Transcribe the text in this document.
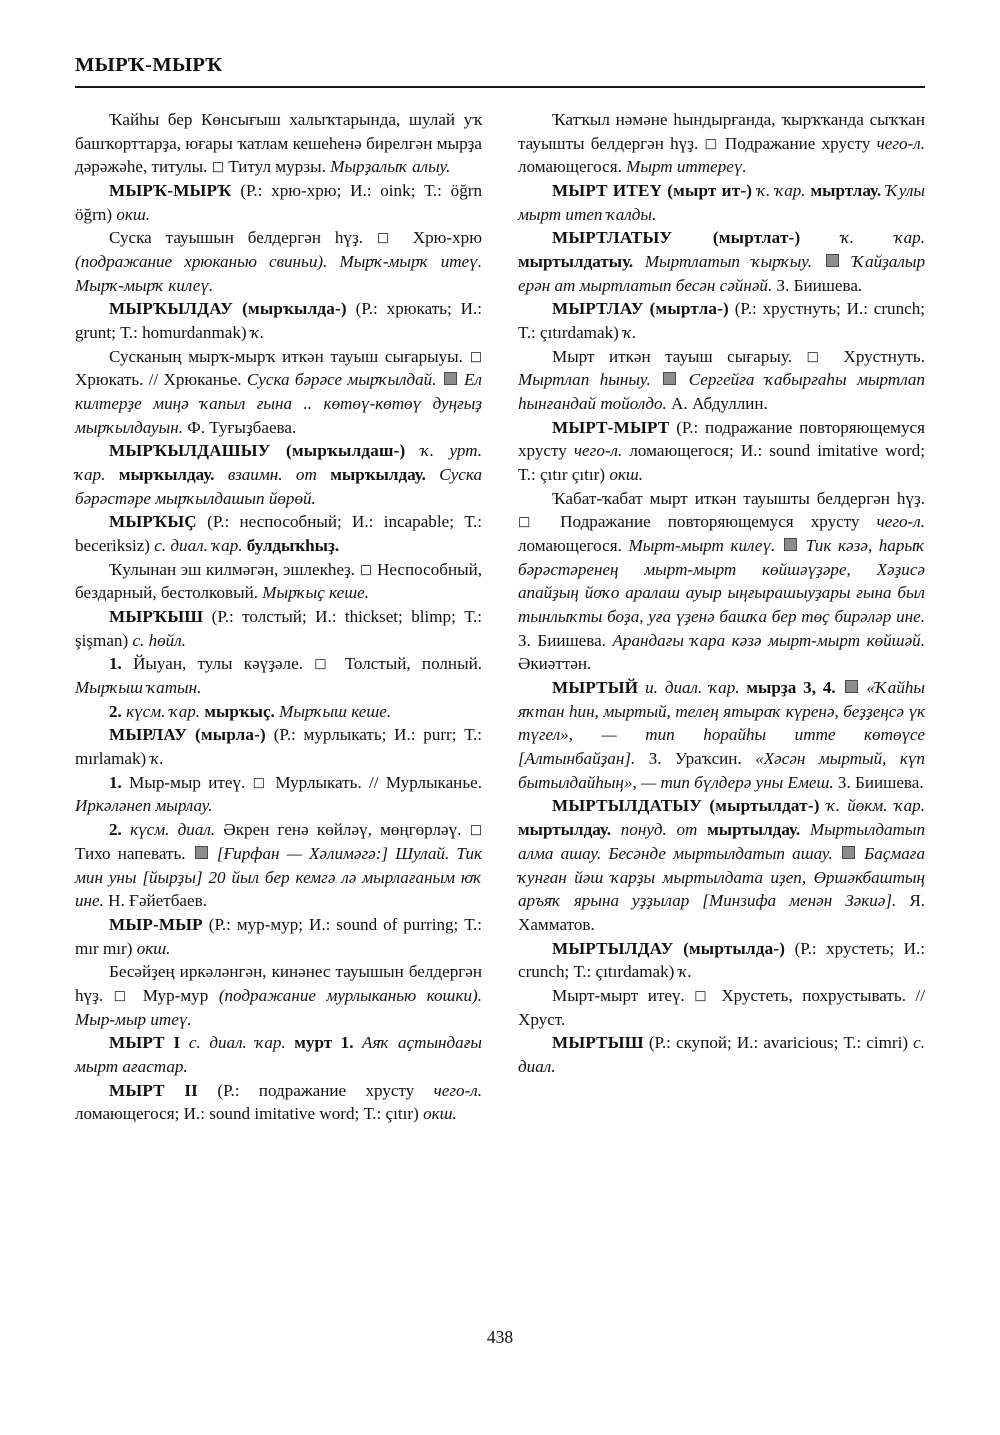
МЫРҠ-МЫРҠ

Ҡайһы бер Көнсығыш халыҡтарында, шулай уҡ башҡорттарҙа, юғары ҡатлам кешеһенә бирелгән мырҙа дәрәжәһе, титулы. □ Титул мурзы. Мырҙалыҡ алыу.

МЫРҠ-МЫРҠ (Р.: хрю-хрю; И.: oink; Т.: öğrn öğrn) окш.

Суска тауышын белдергән һүҙ. □ Хрю-хрю (подражание хрюканью свиньи). Мырҡ-мырҡ итеү. Мырҡ-мырҡ килеү.

МЫРҠЫЛДАУ (мырҡылда-) (Р.: хрюкать; И.: grunt; Т.: homurdanmak) ҡ.

Сусканың мырҡ-мырҡ иткән тауыш сығарыуы. □ Хрюкать. // Хрюканье. Суска бәрәсе мырҡылдай.  Ел килтерҙе миңә ҡапыл ғына .. көтөү-көтөү дуңғыҙ мырҡылдауын. Ф. Туғыҙбаева.

МЫРҠЫЛДАШЫУ (мырҡылдаш-) ҡ. урт. ҡар. мырҡылдау. взаимн. от мырҡылдау. Суска бәрәстәре мырҡылдашып йөрөй.

МЫРҠЫҪ (Р.: неспособный; И.: incapable; Т.: beceriksiz) с. диал. ҡар. булдыҡһыҙ.

Ҡулынан эш килмәгән, эшлекһеҙ. □ Неспособный, бездарный, бестолковый. Мырҡыҫ кеше.

МЫРҠЫШ (Р.: толстый; И.: thickset; blimp; Т.: şişman) с. һөйл.

1. Йыуан, тулы кәүҙәле. □ Толстый, полный. Мырҡыш ҡатын.

2. күсм. ҡар. мырҡыҫ. Мырҡыш кеше.

МЫРЛАУ (мырла-) (Р.: мурлыкать; И.: purr; Т.: mırlamak) ҡ.

1. Мыр-мыр итеү. □ Мурлыкать. // Мурлыканье. Иркәләнеп мырлау.

2. күсм. диал. Әкрен генә көйләү, мөңгөрләү. □ Тихо напевать.  [Ғирфан — Хәлимәгә:] Шулай. Тик мин уны [йырҙы] 20 йыл бер кемгә лә мырлағаным юҡ ине. Н. Ғәйетбаев.

МЫР-МЫР (Р.: мур-мур; И.: sound of purring; Т.: mır mır) окш.

Бесәйҙең иркәләнгән, кинәнес тауышын белдергән һүҙ. □ Мур-мур (подражание мурлыканью кошки). Мыр-мыр итеү.

МЫРТ I с. диал. ҡар. мурт 1. Аяҡ аҫтындағы мырт ағастар.

МЫРТ II (Р.: подражание хрусту чего-л. ломающегося; И.: sound imitative word; Т.: çıtır) окш.

Ҡатҡыл нәмәне һындырғанда, ҡырҡҡанда сыҡҡан тауышты белдергән һүҙ. □ Подражание хрусту чего-л. ломающегося. Мырт иттереү.

МЫРТ ИТЕҮ (мырт ит-) ҡ. ҡар. мыртлау. Ҡулы мырт итеп ҡалды.

МЫРТЛАТЫУ (мыртлат-) ҡ. ҡар. мыртылдатыу. Мыртлатып ҡырҡыу.  Ҡайҙалыр ерән ат мыртлатып бесән сәйнәй. З. Биишева.

МЫРТЛАУ (мыртла-) (Р.: хрустнуть; И.: crunch; Т.: çıtırdamak) ҡ.

Мырт иткән тауыш сығарыу. □ Хрустнуть. Мыртлап һыныу.  Сергейға ҡабырғаһы мыртлап һынғандай тойолдо. А. Абдуллин.

МЫРТ-МЫРТ (Р.: подражание повторяющемуся хрусту чего-л. ломающегося; И.: sound imitative word; Т.: çıtır çıtır) окш.

Ҡабат-ҡабат мырт иткән тауышты белдергән һүҙ. □ Подражание повторяющемуся хрусту чего-л. ломающегося. Мырт-мырт килеү.  Тик кәзә, һарыҡ бәрәстәренең мырт-мырт көйшәүҙәре, Хәҙисә апайҙың йоҡо аралаш ауыр ыңғырашыуҙары ғына был тынлыҡты боҙа, уға үҙенә башҡа бер төҫ бирәләр ине. З. Биишева. Арандағы ҡара кәзә мырт-мырт көйшәй. Әкиәттән.

МЫРТЫЙ и. диал. ҡар. мырҙа 3, 4.  «Ҡайһы яҡтан һин, мыртый, телең ятыраҡ күренә, беҙҙеңсә үк түгел», — тип һорайһы итте көтөүсе [Алтынбайҙан]. З. Ураҡсин. «Хәсән мыртый, күп бытылдайһың», — тип бүлдерә уны Емеш. З. Биишева.

МЫРТЫЛДАТЫУ (мыртылдат-) ҡ. йөкм. ҡар. мыртылдау. понуд. от мыртылдау. Мыртылдатып алма ашау. Бесәнде мыртылдатып ашау.  Баҫмаға ҡунған йәш ҡарҙы мыртылдата иҙеп, Өршәкбаштың аръяҡ ярына уҙҙылар [Минзифа менән Зәкиә]. Я. Хамматов.

МЫРТЫЛДАУ (мыртылда-) (Р.: хрустеть; И.: crunch; Т.: çıtırdamak) ҡ.

Мырт-мырт итеү. □ Хрустеть, похрустывать. // Хруст.

МЫРТЫШ (Р.: скупой; И.: avaricious; Т.: cimri) с. диал.

438
